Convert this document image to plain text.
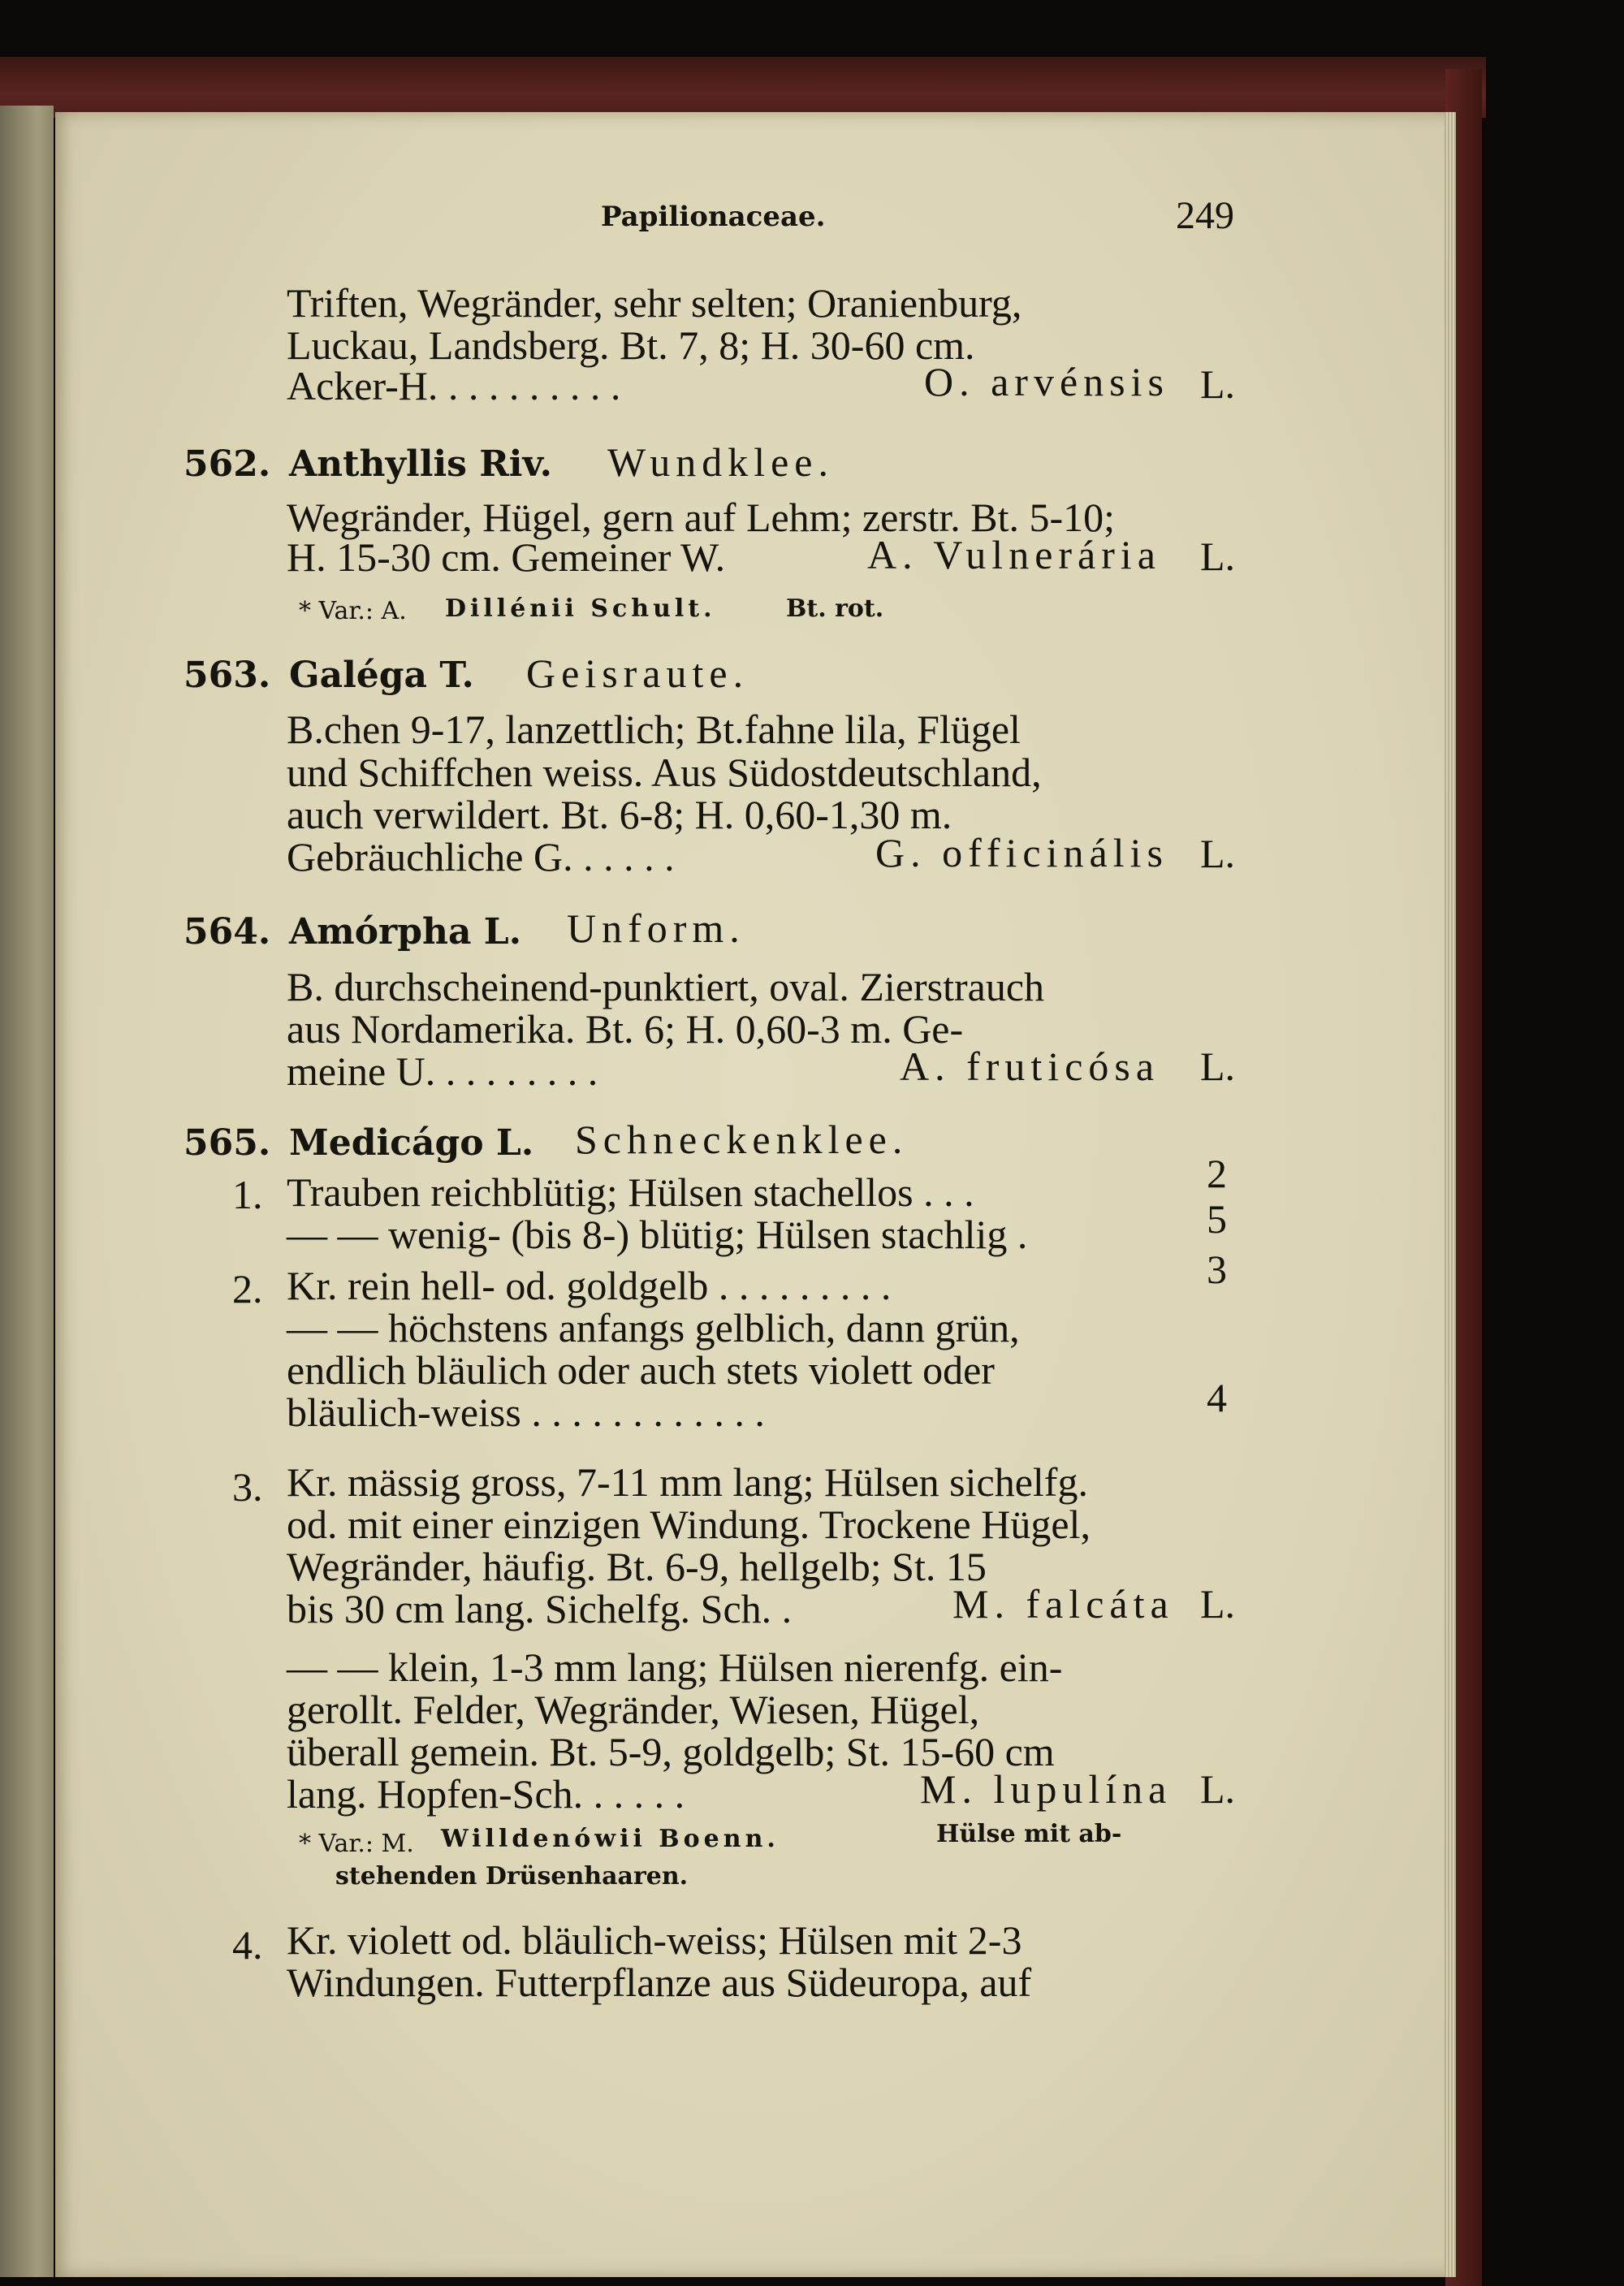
Papilionaceae.	249
Triften, Wegränder, sehr selten; Oranienburg,
Luckau, Landsberg. Bt. 7, 8; H. 30-60 cm.
Acker-H. . . . . . . . . .	O. arvénsis L.
562. Anthyllis Riv. Wundklee.
Wegränder, Hügel, gern auf Lehm; zerstr. Bt. 5-10;
H. 15-30 cm. Gemeiner W.	A. Vulnerária L.
* Var.: A. Dillénii Schult.	Bt. rot.
563. Galéga T. Geisraute.
B.chen 9-17, lanzettlich; Bt.fahne lila, Flügel
und Schiffchen weiss. Aus Südostdeutschland,
auch verwildert. Bt. 6-8; H. 0,60-1,30 m.
Gebräuchliche G. . . . . .	G. officinális L.
564. Amórpha L. Unform.
B. durchscheinend-punktiert, oval. Zierstrauch
aus Nordamerika. Bt. 6; H. 0,60-3 m. Ge-
meine U. . . . . . . . .	A. fruticósa L.
565. Medicágo L. Schneckenklee.
1. Trauben reichblütig; Hülsen stachellos . . .	2
— — wenig- (bis 8-) blütig; Hülsen stachlig .	5
2. Kr. rein hell- od. goldgelb . . . . . . . . .	3
— — höchstens anfangs gelblich, dann grün,
endlich bläulich oder auch stets violett oder
bläulich-weiss . . . . . . . . . . . .	4
3. Kr. mässig gross, 7-11 mm lang; Hülsen sichelfg.
od. mit einer einzigen Windung. Trockene Hügel,
Wegränder, häufig. Bt. 6-9, hellgelb; St. 15
bis 30 cm lang. Sichelfg. Sch. .	M. falcáta L.
— — klein, 1-3 mm lang; Hülsen nierenfg. ein-
gerollt. Felder, Wegränder, Wiesen, Hügel,
überall gemein. Bt. 5-9, goldgelb; St. 15-60 cm
lang. Hopfen-Sch. . . . . .	M. lupulína L.
* Var.: M. Willdenówii Boenn.	Hülse mit ab-
stehenden Drüsenhaaren.
4. Kr. violett od. bläulich-weiss; Hülsen mit 2-3
Windungen. Futterpflanze aus Südeuropa, auf
